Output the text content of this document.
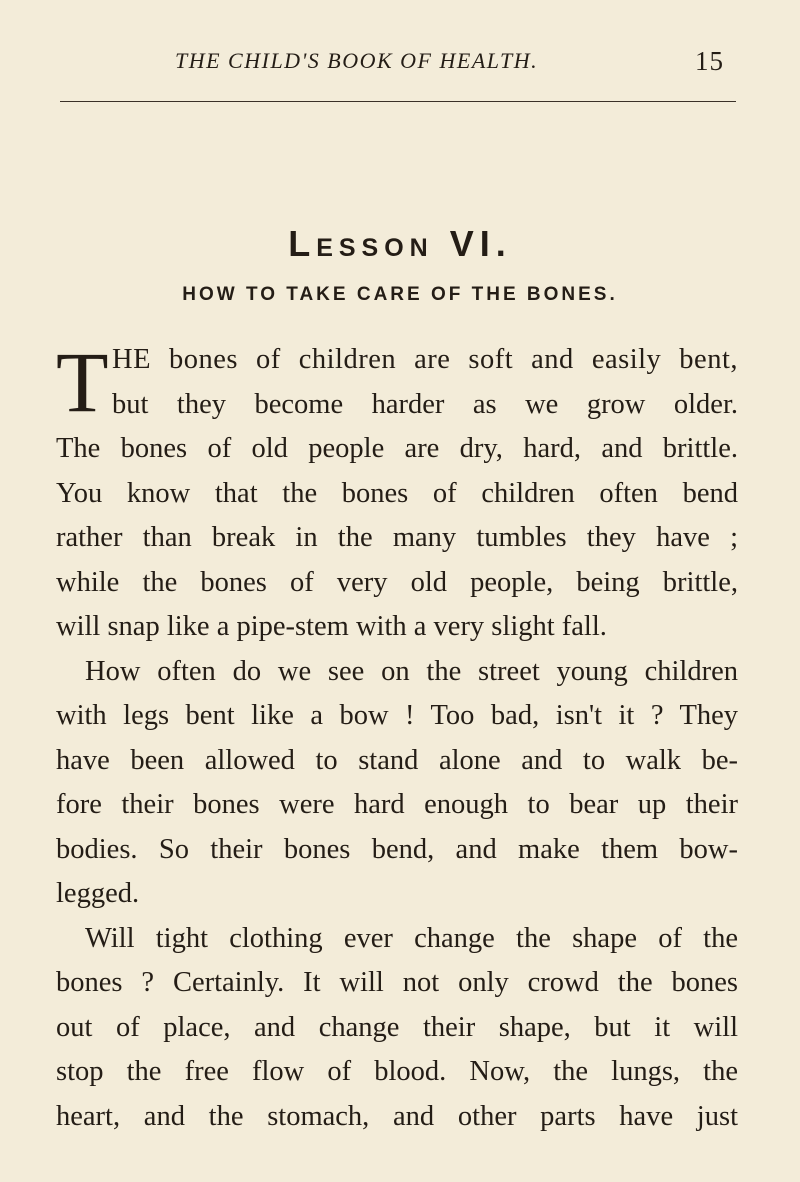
THE CHILD'S BOOK OF HEALTH.	15
Lesson VI.
HOW TO TAKE CARE OF THE BONES.
T HE bones of children are soft and easily bent,
but they become harder as we grow older.
The bones of old people are dry, hard, and brittle.
You know that the bones of children often bend
rather than break in the many tumbles they have ;
while the bones of very old people, being brittle,
will snap like a pipe-stem with a very slight fall.
How often do we see on the street young children
with legs bent like a bow ! Too bad, isn't it ? They
have been allowed to stand alone and to walk be-
fore their bones were hard enough to bear up their
bodies. So their bones bend, and make them bow-
legged.
Will tight clothing ever change the shape of the
bones ? Certainly. It will not only crowd the bones
out of place, and change their shape, but it will
stop the free flow of blood. Now, the lungs, the
heart, and the stomach, and other parts have just
